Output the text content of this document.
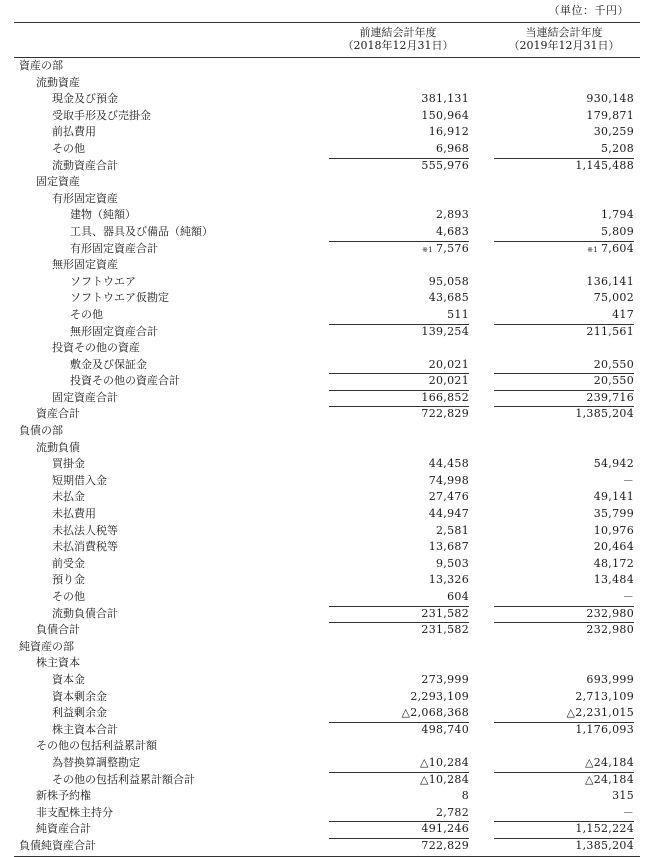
（単位：千円）
前連結会計年度
（2018年12月31日）
当連結会計年度
（2019年12月31日）
資産の部
流動資産
現金及び預金	381,131	930,148
受取手形及び売掛金	150,964	179,871
前払費用	16,912	30,259
その他	6,968	5,208
流動資産合計	555,976	1,145,488
固定資産
有形固定資産
建物（純額）	2,893	1,794
工具、器具及び備品（純額）	4,683	5,809
有形固定資産合計	※1 7,576	※1 7,604
無形固定資産
ソフトウエア	95,058	136,141
ソフトウエア仮勘定	43,685	75,002
その他	511	417
無形固定資産合計	139,254	211,561
投資その他の資産
敷金及び保証金	20,021	20,550
投資その他の資産合計	20,021	20,550
固定資産合計	166,852	239,716
資産合計	722,829	1,385,204
負債の部
流動負債
買掛金	44,458	54,942
短期借入金	74,998	－
未払金	27,476	49,141
未払費用	44,947	35,799
未払法人税等	2,581	10,976
未払消費税等	13,687	20,464
前受金	9,503	48,172
預り金	13,326	13,484
その他	604	－
流動負債合計	231,582	232,980
負債合計	231,582	232,980
純資産の部
株主資本
資本金	273,999	693,999
資本剰余金	2,293,109	2,713,109
利益剰余金	△2,068,368	△2,231,015
株主資本合計	498,740	1,176,093
その他の包括利益累計額
為替換算調整勘定	△10,284	△24,184
その他の包括利益累計額合計	△10,284	△24,184
新株予約権	8	315
非支配株主持分	2,782	－
純資産合計	491,246	1,152,224
負債純資産合計	722,829	1,385,204
